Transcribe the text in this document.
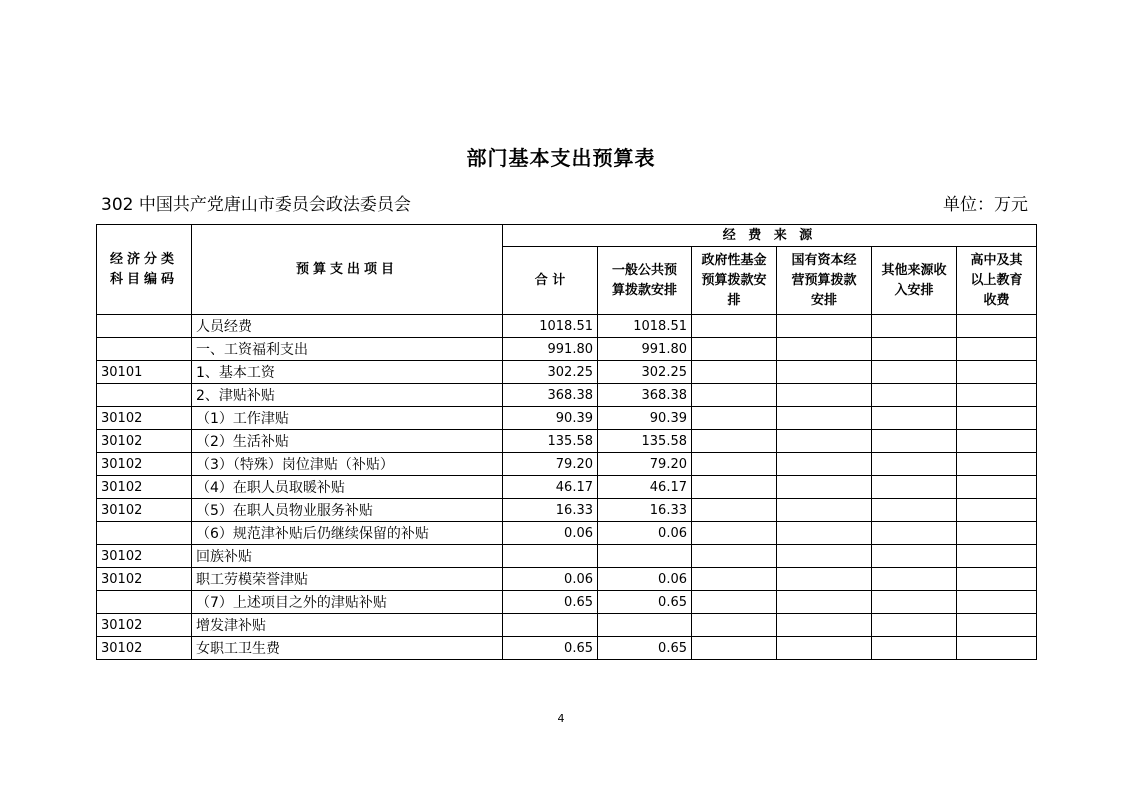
部门基本支出预算表
302 中国共产党唐山市委员会政法委员会	单位：万元
经济分类科目编码	预算支出项目	经 费 来 源					
		合 计	一般公共预算拨款安排	政府性基金预算拨款安排	国有资本经营预算拨款安排	其他来源收入安排	高中及其以上教育收费
	人员经费	1018.51	1018.51				
	一、工资福利支出	991.80	991.80				
30101	1、基本工资	302.25	302.25				
	2、津贴补贴	368.38	368.38				
30102	（1）工作津贴	90.39	90.39				
30102	（2）生活补贴	135.58	135.58				
30102	（3）（特殊）岗位津贴（补贴）	79.20	79.20				
30102	（4）在职人员取暖补贴	46.17	46.17				
30102	（5）在职人员物业服务补贴	16.33	16.33				
	（6）规范津补贴后仍继续保留的补贴	0.06	0.06				
30102	回族补贴						
30102	职工劳模荣誉津贴	0.06	0.06				
	（7）上述项目之外的津贴补贴	0.65	0.65				
30102	增发津补贴						
30102	女职工卫生费	0.65	0.65				
4
